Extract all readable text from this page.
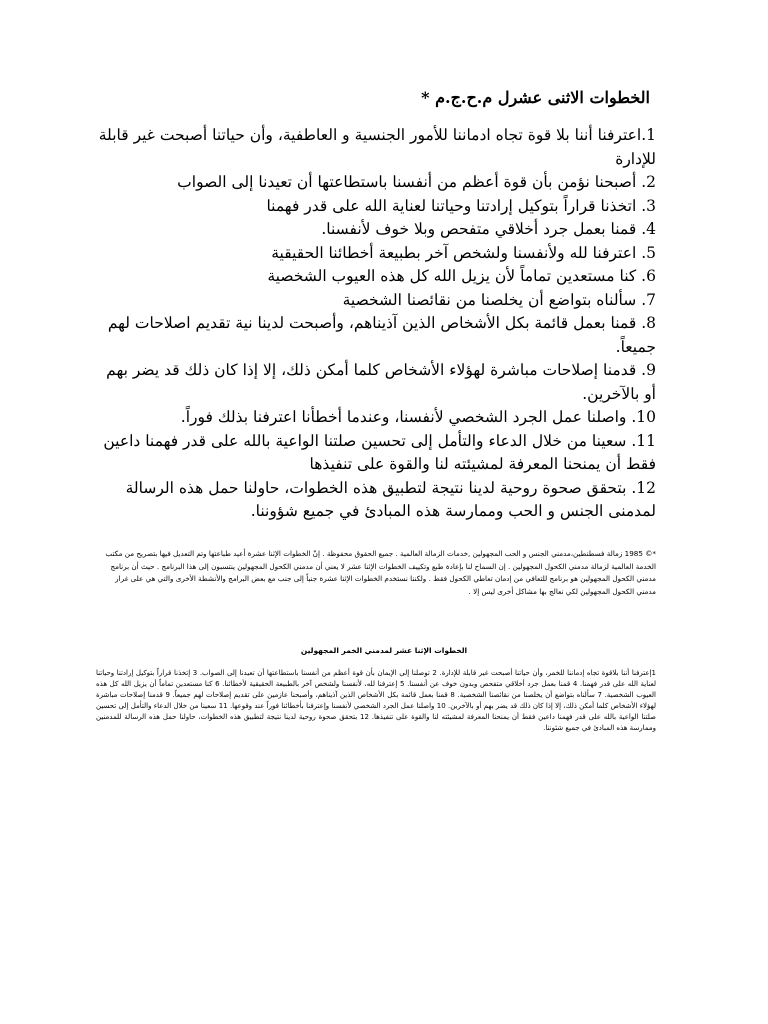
الخطوات الاثنى عشرل م.ح.ج.م *
1.اعترفنا أننا بلا قوة تجاه ادماننا للأمور الجنسية و العاطفية، وأن حياتنا أصبحت غير قابلة للإدارة
2. أصبحنا نؤمن بأن قوة أعظم من أنفسنا باستطاعتها أن تعيدنا إلى الصواب
3. اتخذنا قراراً بتوكيل إرادتنا وحياتنا لعناية الله على قدر فهمنا
4. قمنا بعمل جرد أخلاقي متفحص وبلا خوف لأنفسنا.
5. اعترفنا لله ولأنفسنا ولشخص آخر بطبيعة أخطائنا الحقيقية
6. كنا مستعدين تماماً لأن يزيل الله كل هذه العيوب الشخصية
7. سألناه بتواضع أن يخلصنا من نقائصنا الشخصية
8. قمنا بعمل قائمة بكل الأشخاص الذين آذيناهم، وأصبحت لدينا نية تقديم اصلاحات لهم جميعاً.
9. قدمنا إصلاحات مباشرة لهؤلاء الأشخاص كلما أمكن ذلك، إلا إذا كان ذلك قد يضر بهم أو بالآخرين.
10. واصلنا عمل الجرد الشخصي لأنفسنا، وعندما أخطأنا اعترفنا بذلك فوراً.
11. سعينا من خلال الدعاء والتأمل إلى تحسين صلتنا الواعية بالله على قدر فهمنا داعين فقط أن يمنحنا المعرفة لمشيئته لنا والقوة على تنفيذها
12. بتحقق صحوة روحية لدينا نتيجة لتطبيق هذه الخطوات، حاولنا حمل هذه الرسالة لمدمنى الجنس و الحب وممارسة هذه المبادئ في جميع شؤوننا.

*© 1985 زمالة فسطنطين،مدمني الجنس و الحب المجهولين ,خدمات الزمالة العالمية . جميع الحقوق محفوظة . إنّ الخطوات الإثنا عشرة أعيد طباعتها وتم التعديل فيها بتصريح من مكتب الخدمة العالمية لزمالة مدمني الكحول المجهولين . إن السماح لنا بإعادة طبع وتكييف الخطوات الإثنا عشر لا يعني أن مدمني الكحول المجهولين ينتسبون إلى هذا البرنامج . حيث أن برنامج مدمني الكحول المجهولين هو برنامج للتعافي من إدمان تعاطي الكحول فقط . ولكننا نستخدم الخطوات الإثنا عشرة جنباً إلى جنب مع بعض البرامج والأنشطة الأخرى والتي هي على غرار مدمني الكحول المجهولين لكي نعالج بها مشاكل أخرى ليس إلا .

الخطوات الإثنا عشر لمدمني الخمر المجهولين

1إعترفنا أننا بلاقوة تجاه إدماننا للخمر، وأن حياتنا أصبحت غير قابلة للإدارة. 2 توصلنا إلى الإيمان بأن قوة أعظم من أنفسنا باستطاعتها أن تعيدنا إلى الصواب. 3 إتخذنا قراراً بتوكيل إرادتنا وحياتنا لعناية الله على قدر فهمنا. 4 قمنا بعمل جرد أخلاقي متفحص وبدون خوف عن أنفسنا. 5 إعترفنا لله، لأنفسنا ولشخص آخر بالطبيعة الحقيقية لأخطائنا. 6 كنا مستعدين تماماً أن يزيل الله كل هذه العيوب الشخصية. 7 سألناه بتواضع أن يخلصنا من نقائصنا الشخصية. 8 قمنا بعمل قائمة بكل الأشخاص الذين آذيناهم، وأصبحنا عازمين على تقديم إصلاحات لهم جميعاً. 9 قدمنا إصلاحات مباشرة لهؤلاء الأشخاص كلما أمكن ذلك، إلا إذا كان ذلك قد يضر بهم أو بالآخرين. 10 واصلنا عمل الجرد الشخصي لأنفسنا وإعترفنا بأخطائنا فوراً عند وقوعها. 11 سعينا من خلال الدعاء والتأمل إلى تحسين صلتنا الواعية بالله على قدر فهمنا داعين فقط أن يمنحنا المعرفة لمشيئته لنا والقوة على تنفيذها. 12 بتحقق صحوة روحية لدينا نتيجة لتطبيق هذه الخطوات، حاولنا حمل هذه الرسالة للمدمنين وممارسة هذه المبادئ في جميع شئوننا.
